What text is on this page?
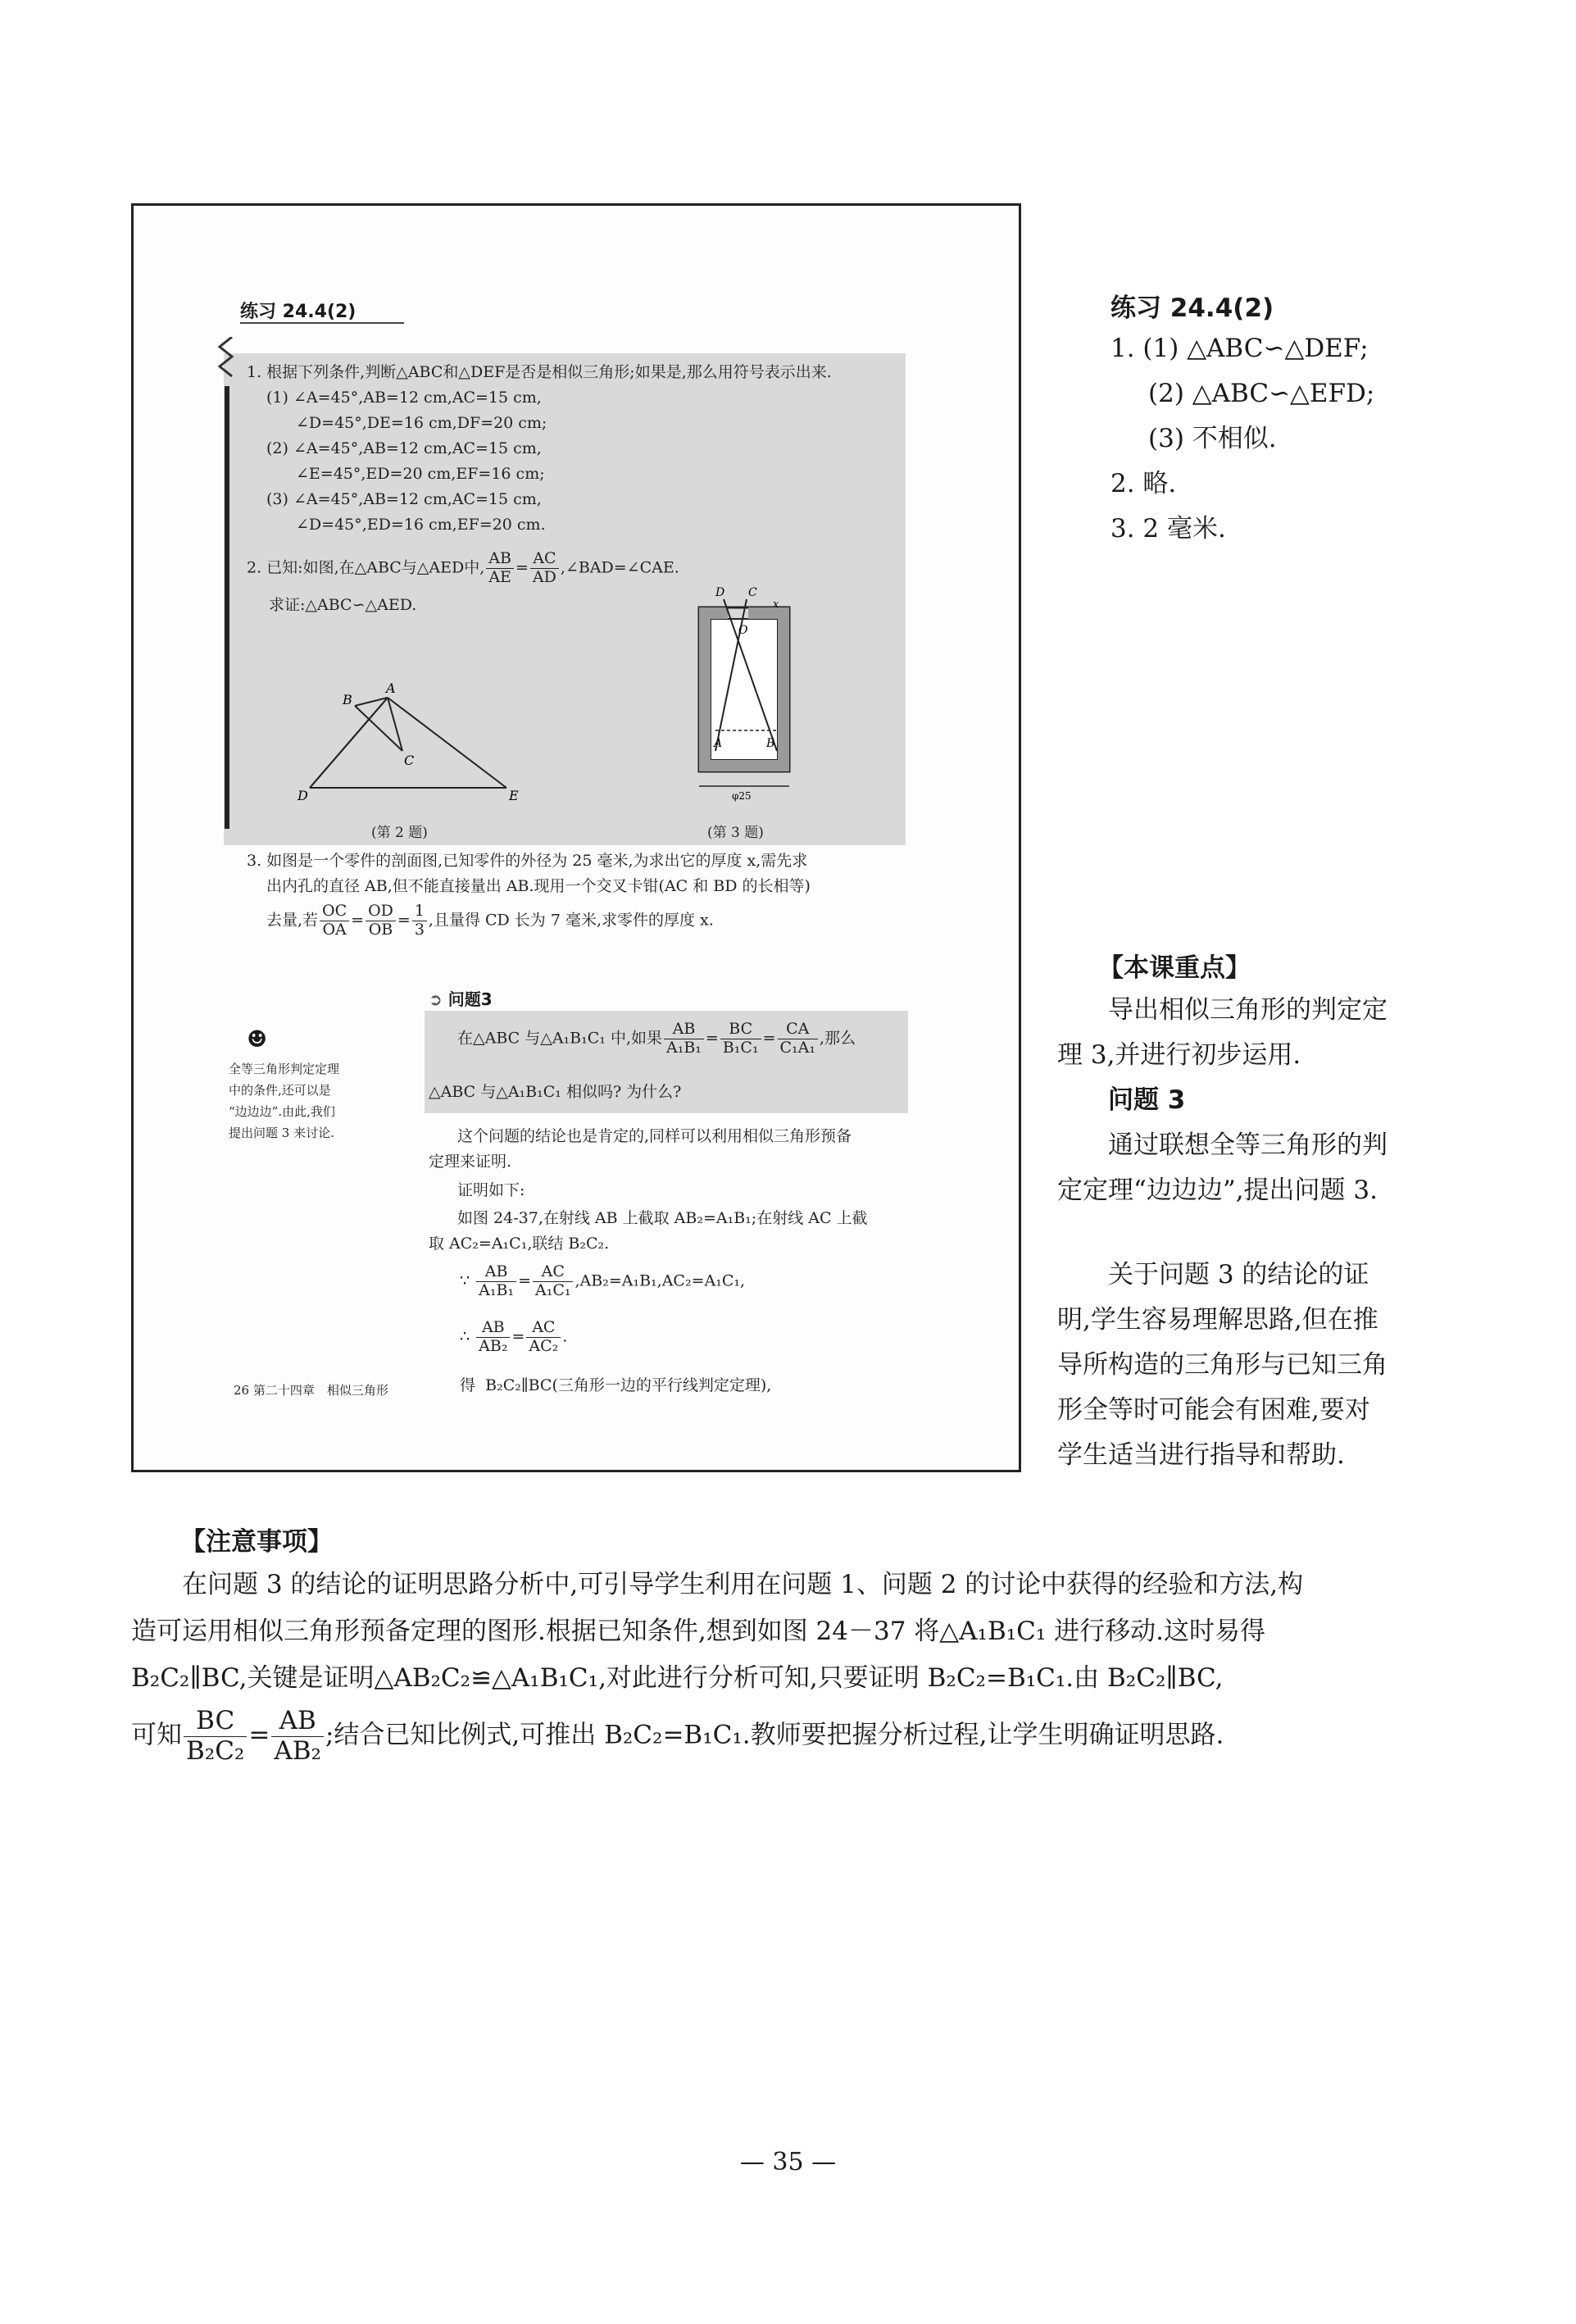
练习 24.4(2)
1. 根据下列条件,判断△ABC和△DEF是否是相似三角形;如果是,那么用符号表示出来.
(1) ∠A=45°,AB=12 cm,AC=15 cm,
∠D=45°,DE=16 cm,DF=20 cm;
(2) ∠A=45°,AB=12 cm,AC=15 cm,
∠E=45°,ED=20 cm,EF=16 cm;
(3) ∠A=45°,AB=12 cm,AC=15 cm,
∠D=45°,ED=16 cm,EF=20 cm.
2. 已知:如图,在△ABC与△AED中, $\frac{AB}{AE} = \frac{AC}{AD}$ ,∠BAD=∠CAE.
求证:△ABC∽△AED.
B
A
C
D	E
(第 2 题)
D C
x
O
A	B
φ25
(第 3 题)
3. 如图是一个零件的剖面图,已知零件的外径为 25 毫米,为求出它的厚度 x,需先求
出内孔的直径 AB,但不能直接量出 AB.现用一个交叉卡钳(AC 和 BD 的长相等)
去量,若 $\frac{OC}{OA} = \frac{OD}{OB} = \frac{1}{3}$ ,且量得 CD 长为 7 毫米,求零件的厚度 x.
➲ 问题3
☻
全等三角形判定定理
中的条件,还可以是
“边边边”.由此,我们
提出问题 3 来讨论.
在△ABC 与△A₁B₁C₁ 中,如果 $\frac{AB}{\text{A₁B₁}} = \frac{BC}{\text{B₁C₁}} = \frac{CA}{\text{C₁A₁}}$ ,那么
△ABC 与△A₁B₁C₁ 相似吗? 为什么?
这个问题的结论也是肯定的,同样可以利用相似三角形预备
定理来证明.
证明如下:
如图 24-37,在射线 AB 上截取 AB₂=A₁B₁;在射线 AC 上截
取 AC₂=A₁C₁,联结 B₂C₂.
∵ $\frac{AB}{\text{A₁B₁}} = \frac{AC}{\text{A₁C₁}} ,AB_2=A_1B_1,AC_2=A_1C_1$,
∴ $\frac{AB}{\text{AB₂}} = \frac{AC}{\text{AC₂}}$ .
得 B₂C₂∥BC(三角形一边的平行线判定定理),
26 第二十四章　相似三角形
练习 24.4(2)
1. (1) △ABC∽△DEF;
(2) △ABC∽△EFD;
(3) 不相似.
2. 略.
3. 2 毫米.
【本课重点】
导出相似三角形的判定定
理 3,并进行初步运用.
问题 3
通过联想全等三角形的判
定定理“边边边”,提出问题 3.
关于问题 3 的结论的证
明,学生容易理解思路,但在推
导所构造的三角形与已知三角
形全等时可能会有困难,要对
学生适当进行指导和帮助.
【注意事项】
在问题 3 的结论的证明思路分析中,可引导学生利用在问题 1、问题 2 的讨论中获得的经验和方法,构
造可运用相似三角形预备定理的图形.根据已知条件,想到如图 24－37 将△A₁B₁C₁ 进行移动.这时易得
B₂C₂∥BC,关键是证明△AB₂C₂≌△A₁B₁C₁,对此进行分析可知,只要证明 B₂C₂=B₁C₁.由 B₂C₂∥BC,
可知 $\frac{BC}{\text{B₂C₂}} = \frac{AB}{\text{AB₂}}$ ;结合已知比例式,可推出 B₂C₂=B₁C₁.教师要把握分析过程,让学生明确证明思路.
— 35 —
